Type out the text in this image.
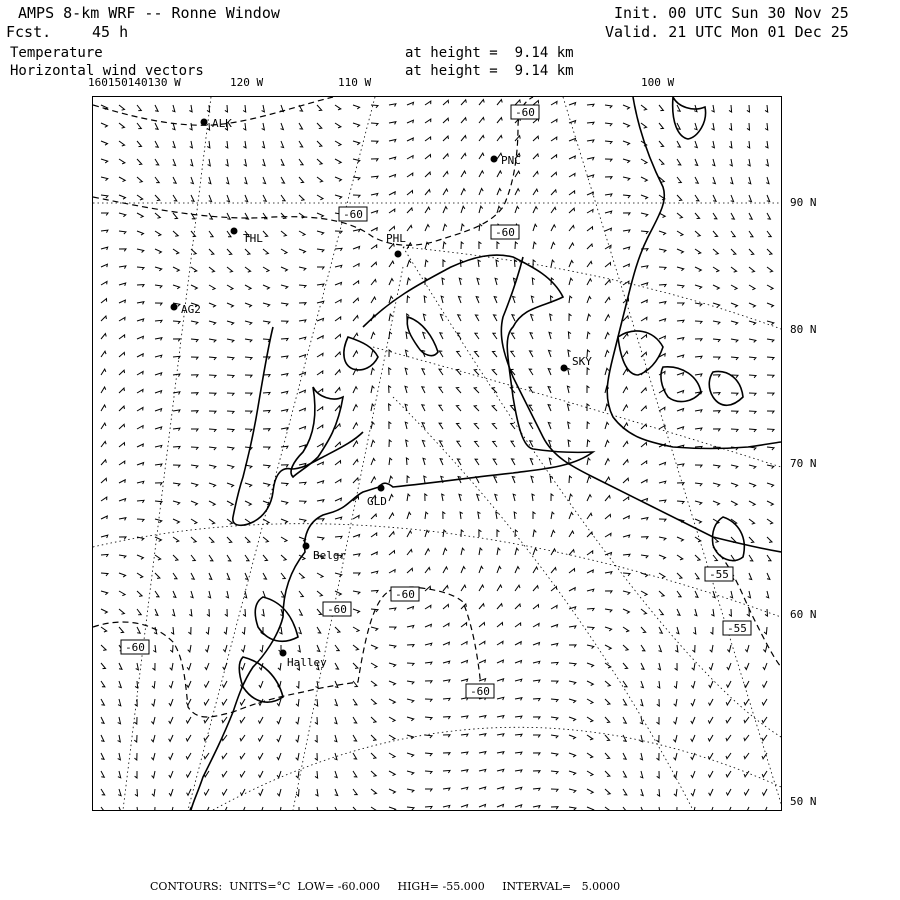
AMPS 8-km WRF -- Ronne Window
Fcst.	45 h
Temperature
Horizontal wind vectors
at height =  9.14 km
at height =  9.14 km
Init. 00 UTC Sun 30 Nov 25
Valid. 21 UTC Mon 01 Dec 25
160150140130 W	120 W	110 W	100 W
90 N
80 N
70 N
60 N
50 N
-60
-60
-60
-60
-60
-60
-60
-55
-55
ALK
PNC
THL	PHL
AG2
SKY
GLD
Belgr
Halley
CONTOURS:  UNITS=°C  LOW= -60.000     HIGH= -55.000     INTERVAL=   5.0000
